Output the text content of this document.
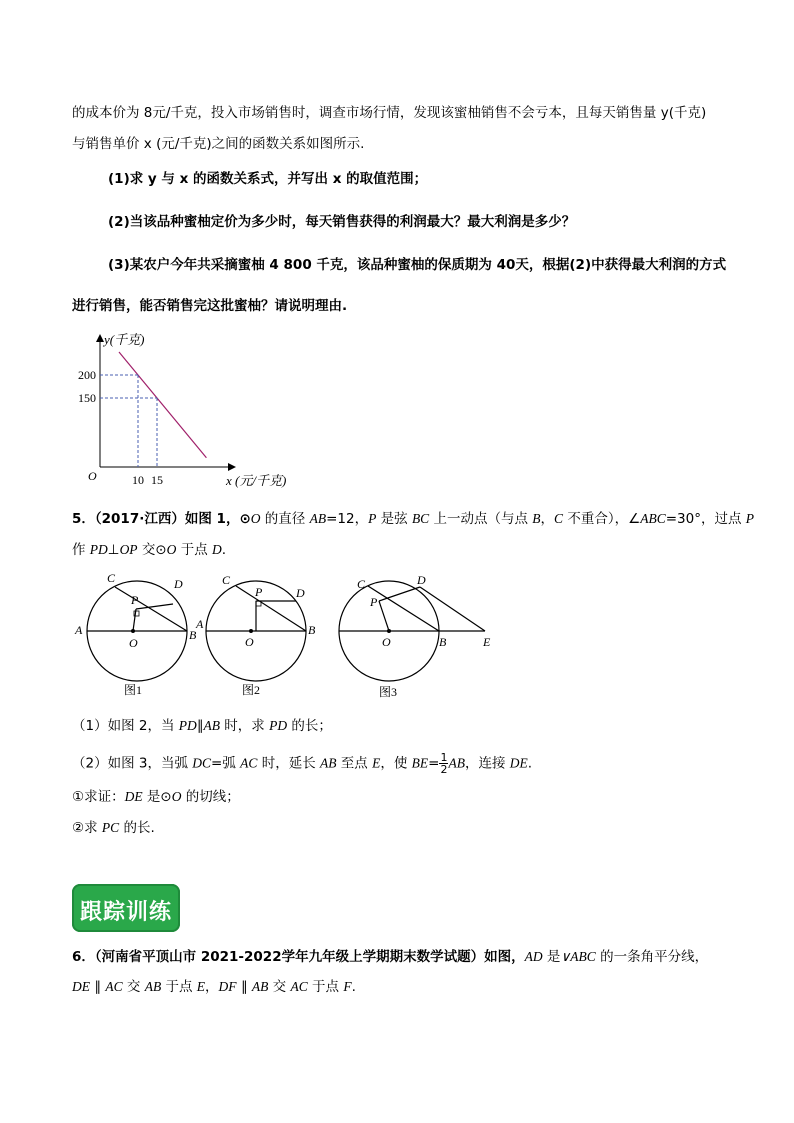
的成本价为 8元/千克，投入市场销售时，调查市场行情，发现该蜜柚销售不会亏本，且每天销售量 y(千克)
与销售单价 x (元/千克)之间的函数关系如图所示.
(1)求 y 与 x 的函数关系式，并写出 x 的取值范围；
(2)当该品种蜜柚定价为多少时，每天销售获得的利润最大？最大利润是多少？
(3)某农户今年共采摘蜜柚 4 800 千克，该品种蜜柚的保质期为 40天，根据(2)中获得最大利润的方式
进行销售，能否销售完这批蜜柚？请说明理由.
10
200
15
150
y(千克)
x (元/千克)
O
5．（2017·江西）如图 1，⊙O 的直径 AB=12，P 是弦 BC 上一动点（与点 B，C 不重合），∠ABC=30°，过点 P
作 PD⊥OP 交⊙O 于点 D.
C
P
D
A
O
B
图1
C
P	D
A
O
B
图2
C	D
P
O	B	E
图3
（1）如图 2，当 PD∥AB 时，求 PD 的长；
（2）如图 3，当弧 DC=弧 AC 时，延长 AB 至点 E，使 $BE= \frac{1}{2}$ AB，连接 DE.
①求证：DE 是⊙O 的切线；
②求 PC 的长.
跟踪训练
6．（河南省平顶山市 2021-2022学年九年级上学期期末数学试题）如图，AD 是∨ABC 的一条角平分线，
DE ∥ AC 交 AB 于点 E，DF ∥ AB 交 AC 于点 F.
